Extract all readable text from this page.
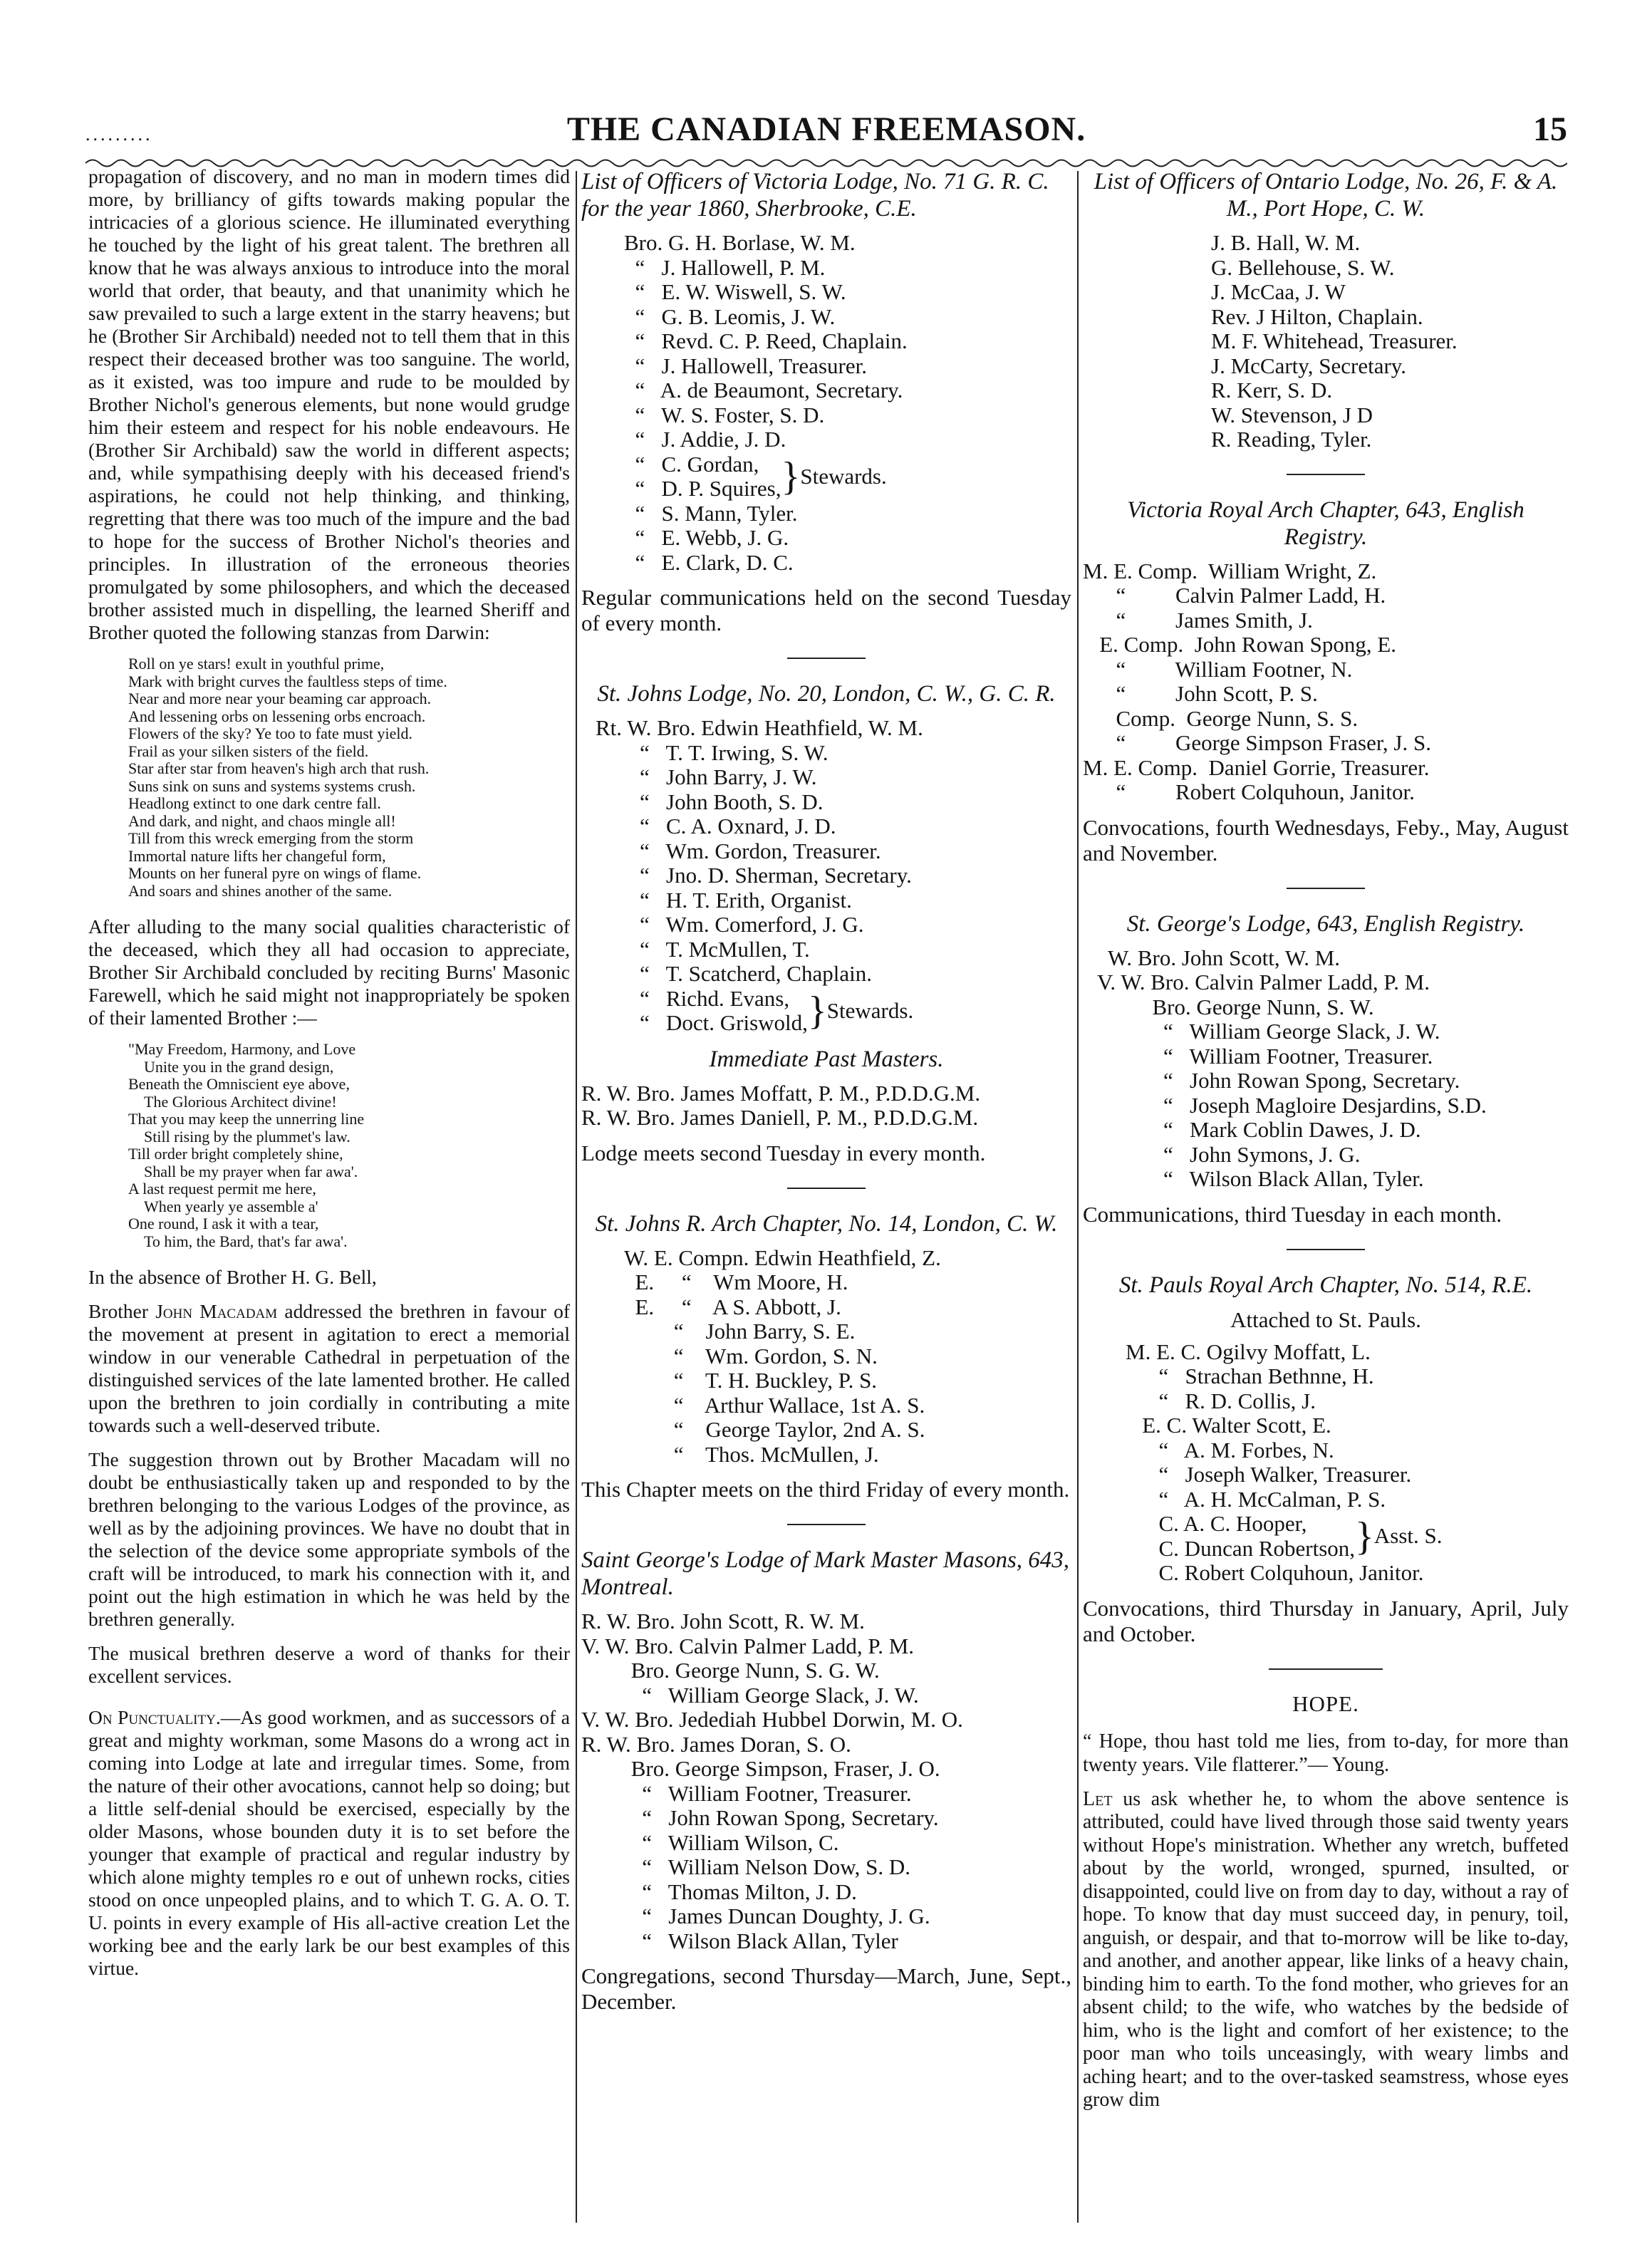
.........	THE CANADIAN FREEMASON.	15

propagation of discovery, and no man in modern times did more, by brilliancy of gifts towards making popular the intricacies of a glorious science. He illuminated everything he touched by the light of his great talent. The brethren all know that he was always anxious to introduce into the moral world that order, that beauty, and that unanimity which he saw prevailed to such a large extent in the starry heavens; but he (Brother Sir Archibald) needed not to tell them that in this respect their deceased brother was too sanguine. The world, as it existed, was too impure and rude to be moulded by Brother Nichol's generous elements, but none would grudge him their esteem and respect for his noble endeavours. He (Brother Sir Archibald) saw the world in different aspects; and, while sympathising deeply with his deceased friend's aspirations, he could not help thinking, and thinking, regretting that there was too much of the impure and the bad to hope for the success of Brother Nichol's theories and principles. In illustration of the erroneous theories promulgated by some philosophers, and which the deceased brother assisted much in dispelling, the learned Sheriff and Brother quoted the following stanzas from Darwin:

Roll on ye stars! exult in youthful prime,
Mark with bright curves the faultless steps of time.
Near and more near your beaming car approach.
And lessening orbs on lessening orbs encroach.
Flowers of the sky? Ye too to fate must yield.
Frail as your silken sisters of the field.
Star after star from heaven's high arch that rush.
Suns sink on suns and systems systems crush.
Headlong extinct to one dark centre fall.
And dark, and night, and chaos mingle all!
Till from this wreck emerging from the storm
Immortal nature lifts her changeful form,
Mounts on her funeral pyre on wings of flame.
And soars and shines another of the same.

After alluding to the many social qualities characteristic of the deceased, which they all had occasion to appreciate, Brother Sir Archibald concluded by reciting Burns' Masonic Farewell, which he said might not inappropriately be spoken of their lamented Brother :—

"May Freedom, Harmony, and Love
Unite you in the grand design,
Beneath the Omniscient eye above,
The Glorious Architect divine!
That you may keep the unnerring line
Still rising by the plummet's law.
Till order bright completely shine,
Shall be my prayer when far awa'.
A last request permit me here,
When yearly ye assemble a'
One round, I ask it with a tear,
To him, the Bard, that's far awa'.

In the absence of Brother H. G. Bell,

Brother John Macadam addressed the brethren in favour of the movement at present in agitation to erect a memorial window in our venerable Cathedral in perpetuation of the distinguished services of the late lamented brother. He called upon the brethren to join cordially in contributing a mite towards such a well-deserved tribute.

The suggestion thrown out by Brother Macadam will no doubt be enthusiastically taken up and responded to by the brethren belonging to the various Lodges of the province, as well as by the adjoining provinces. We have no doubt that in the selection of the device some appropriate symbols of the craft will be introduced, to mark his connection with it, and point out the high estimation in which he was held by the brethren generally.

The musical brethren deserve a word of thanks for their excellent services.

On Punctuality.—As good workmen, and as successors of a great and mighty workman, some Masons do a wrong act in coming into Lodge at late and irregular times. Some, from the nature of their other avocations, cannot help so doing; but a little self-denial should be exercised, especially by the older Masons, whose bounden duty it is to set before the younger that example of practical and regular industry by which alone mighty temples ro e out of unhewn rocks, cities stood on once unpeopled plains, and to which T. G. A. O. T. U. points in every example of His all-active creation Let the working bee and the early lark be our best examples of this virtue.

List of Officers of Victoria Lodge, No. 71 G. R. C. for the year 1860, Sherbrooke, C.E.
Bro. G. H. Borlase, W. M.
“   J. Hallowell, P. M.
“   E. W. Wiswell, S. W.
“   G. B. Leomis, J. W.
“   Revd. C. P. Reed, Chaplain.
“   J. Hallowell, Treasurer.
“   A. de Beaumont, Secretary.
“   W. S. Foster, S. D.
“   J. Addie, J. D.
“   C. Gordan,
“   D. P. Squires, } Stewards.
“   S. Mann, Tyler.
“   E. Webb, J. G.
“   E. Clark, D. C.
Regular communications held on the second Tuesday of every month.
St. Johns Lodge, No. 20, London, C. W., G. C. R.
Rt. W. Bro. Edwin Heathfield, W. M.
“   T. T. Irwing, S. W.
“   John Barry, J. W.
“   John Booth, S. D.
“   C. A. Oxnard, J. D.
“   Wm. Gordon, Treasurer.
“   Jno. D. Sherman, Secretary.
“   H. T. Erith, Organist.
“   Wm. Comerford, J. G.
“   T. McMullen, T.
“   T. Scatcherd, Chaplain.
“   Richd. Evans,
“   Doct. Griswold, } Stewards.
Immediate Past Masters.
R. W. Bro. James Moffatt, P. M., P.D.D.G.M.
R. W. Bro. James Daniell, P. M., P.D.D.G.M.
Lodge meets second Tuesday in every month.
St. Johns R. Arch Chapter, No. 14, London, C. W.
W. E. Compn. Edwin Heathfield, Z.
E.     “    Wm Moore, H.
E.     “    A S. Abbott, J.
“    John Barry, S. E.
“    Wm. Gordon, S. N.
“    T. H. Buckley, P. S.
“    Arthur Wallace, 1st A. S.
“    George Taylor, 2nd A. S.
“    Thos. McMullen, J.
This Chapter meets on the third Friday of every month.
Saint George's Lodge of Mark Master Masons, 643, Montreal.
R. W. Bro. John Scott, R. W. M.
V. W. Bro. Calvin Palmer Ladd, P. M.
Bro. George Nunn, S. G. W.
“   William George Slack, J. W.
V. W. Bro. Jedediah Hubbel Dorwin, M. O.
R. W. Bro. James Doran, S. O.
Bro. George Simpson, Fraser, J. O.
“   William Footner, Treasurer.
“   John Rowan Spong, Secretary.
“   William Wilson, C.
“   William Nelson Dow, S. D.
“   Thomas Milton, J. D.
“   James Duncan Doughty, J. G.
“   Wilson Black Allan, Tyler
Congregations, second Thursday—March, June, Sept., December.
List of Officers of Ontario Lodge, No. 26, F. & A. M., Port Hope, C. W.
J. B. Hall, W. M.
G. Bellehouse, S. W.
J. McCaa, J. W
Rev. J Hilton, Chaplain.
M. F. Whitehead, Treasurer.
J. McCarty, Secretary.
R. Kerr, S. D.
W. Stevenson, J D
R. Reading, Tyler.
Victoria Royal Arch Chapter, 643, English Registry.
M. E. Comp.  William Wright, Z.
“         Calvin Palmer Ladd, H.
“         James Smith, J.
E. Comp.  John Rowan Spong, E.
“         William Footner, N.
“         John Scott, P. S.
Comp.  George Nunn, S. S.
“         George Simpson Fraser, J. S.
M. E. Comp.  Daniel Gorrie, Treasurer.
“         Robert Colquhoun, Janitor.
Convocations, fourth Wednesdays, Feby., May, August and November.
St. George's Lodge, 643, English Registry.
W. Bro. John Scott, W. M.
V. W. Bro. Calvin Palmer Ladd, P. M.
Bro. George Nunn, S. W.
“   William George Slack, J. W.
“   William Footner, Treasurer.
“   John Rowan Spong, Secretary.
“   Joseph Magloire Desjardins, S.D.
“   Mark Coblin Dawes, J. D.
“   John Symons, J. G.
“   Wilson Black Allan, Tyler.
Communications, third Tuesday in each month.
St. Pauls Royal Arch Chapter, No. 514, R.E.
Attached to St. Pauls.
M. E. C. Ogilvy Moffatt, L.
“   Strachan Bethnne, H.
“   R. D. Collis, J.
E. C. Walter Scott, E.
“   A. M. Forbes, N.
“   Joseph Walker, Treasurer.
“   A. H. McCalman, P. S.
C. A. C. Hooper,
C. Duncan Robertson, } Asst. S.
C. Robert Colquhoun, Janitor.
Convocations, third Thursday in January, April, July and October.
HOPE.
“ Hope, thou hast told me lies, from to-day, for more than twenty years. Vile flatterer.”— Young.

Let us ask whether he, to whom the above sentence is attributed, could have lived through those said twenty years without Hope's ministration. Whether any wretch, buffeted about by the world, wronged, spurned, insulted, or disappointed, could live on from day to day, without a ray of hope. To know that day must succeed day, in penury, toil, anguish, or despair, and that to-morrow will be like to-day, and another, and another appear, like links of a heavy chain, binding him to earth. To the fond mother, who grieves for an absent child; to the wife, who watches by the bedside of him, who is the light and comfort of her existence; to the poor man who toils unceasingly, with weary limbs and aching heart; and to the over-tasked seamstress, whose eyes grow dim
